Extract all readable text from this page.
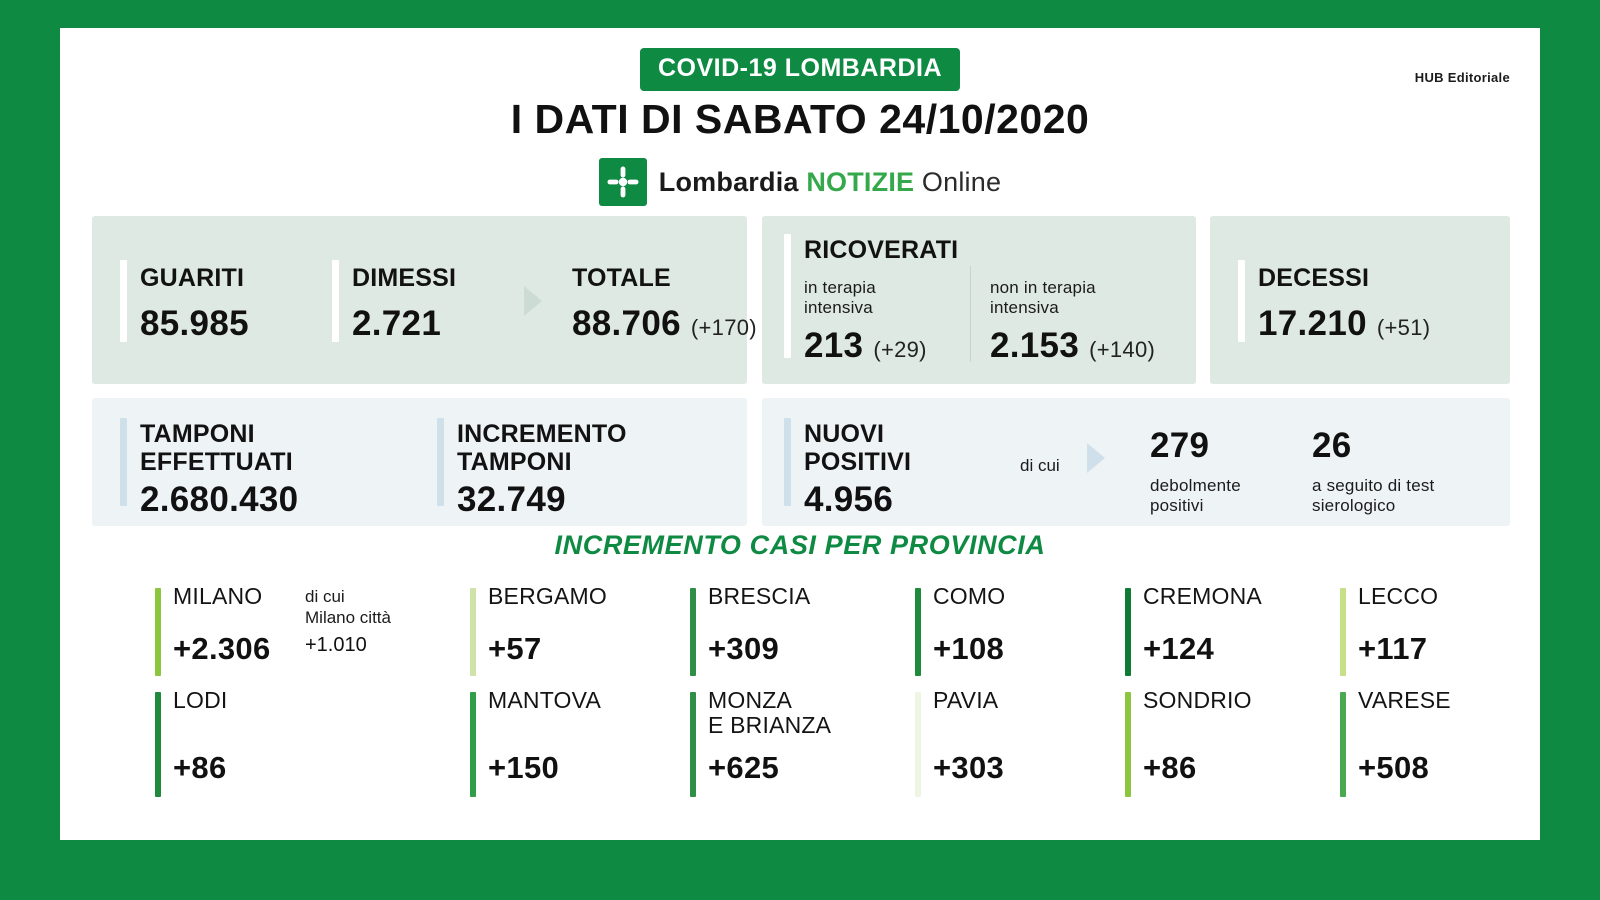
COVID-19 LOMBARDIA	HUB Editoriale
I DATI DI SABATO 24/10/2020
Lombardia NOTIZIE Online
GUARITI
85.985
DIMESSI
2.721
TOTALE
88.706 (+170)
RICOVERATI
in terapia
intensiva
213 (+29)
non in terapia
intensiva
2.153 (+140)
DECESSI
17.210 (+51)
TAMPONI
EFFETTUATI
2.680.430
INCREMENTO
TAMPONI
32.749
NUOVI
POSITIVI
4.956
di cui
279
debolmente
positivi
26
a seguito di test
sierologico
INCREMENTO CASI PER PROVINCIA
MILANO
+2.306
di cui
Milano città
+1.010
BERGAMO
+57
BRESCIA
+309
COMO
+108
CREMONA
+124
LECCO
+117
LODI
+86
MANTOVA
+150
MONZA
E BRIANZA
+625
PAVIA
+303
SONDRIO
+86
VARESE
+508
